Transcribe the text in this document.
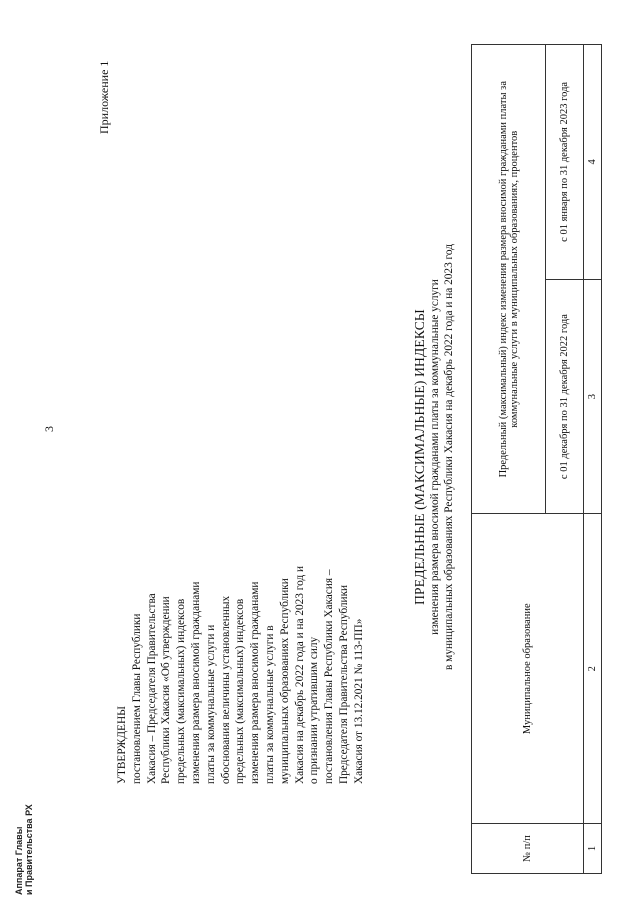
3
Приложение 1
УТВЕРЖДЕНЫ постановлением Главы Республики Хакасия – Председателя Правительства Республики Хакасия «Об утверждении предельных (максимальных) индексов изменения размера вносимой гражданами платы за коммунальные услуги и обоснования величины установленных предельных (максимальных) индексов изменения размера вносимой гражданами платы за коммунальные услуги в муниципальных образованиях Республики Хакасия на декабрь 2022 года и на 2023 год и о признании утратившим силу постановления Главы Республики Хакасия – Председателя Правительства Республики Хакасия от 13.12.2021 № 113-ПП»
ПРЕДЕЛЬНЫЕ (МАКСИМАЛЬНЫЕ) ИНДЕКСЫ изменения размера вносимой гражданами платы за коммунальные услуги в муниципальных образованиях Республики Хакасия на декабрь 2022 года и на 2023 год
№ п/п	Муниципальное образование	Предельный (максимальный) индекс изменения размера вносимой гражданами платы за коммунальные услуги в муниципальных образованиях, процентов	
		с 01 декабря по 31 декабря 2022 года	с 01 января по 31 декабря 2023 года
1	2	3	4
Аппарат Главы и Правительства РХ
